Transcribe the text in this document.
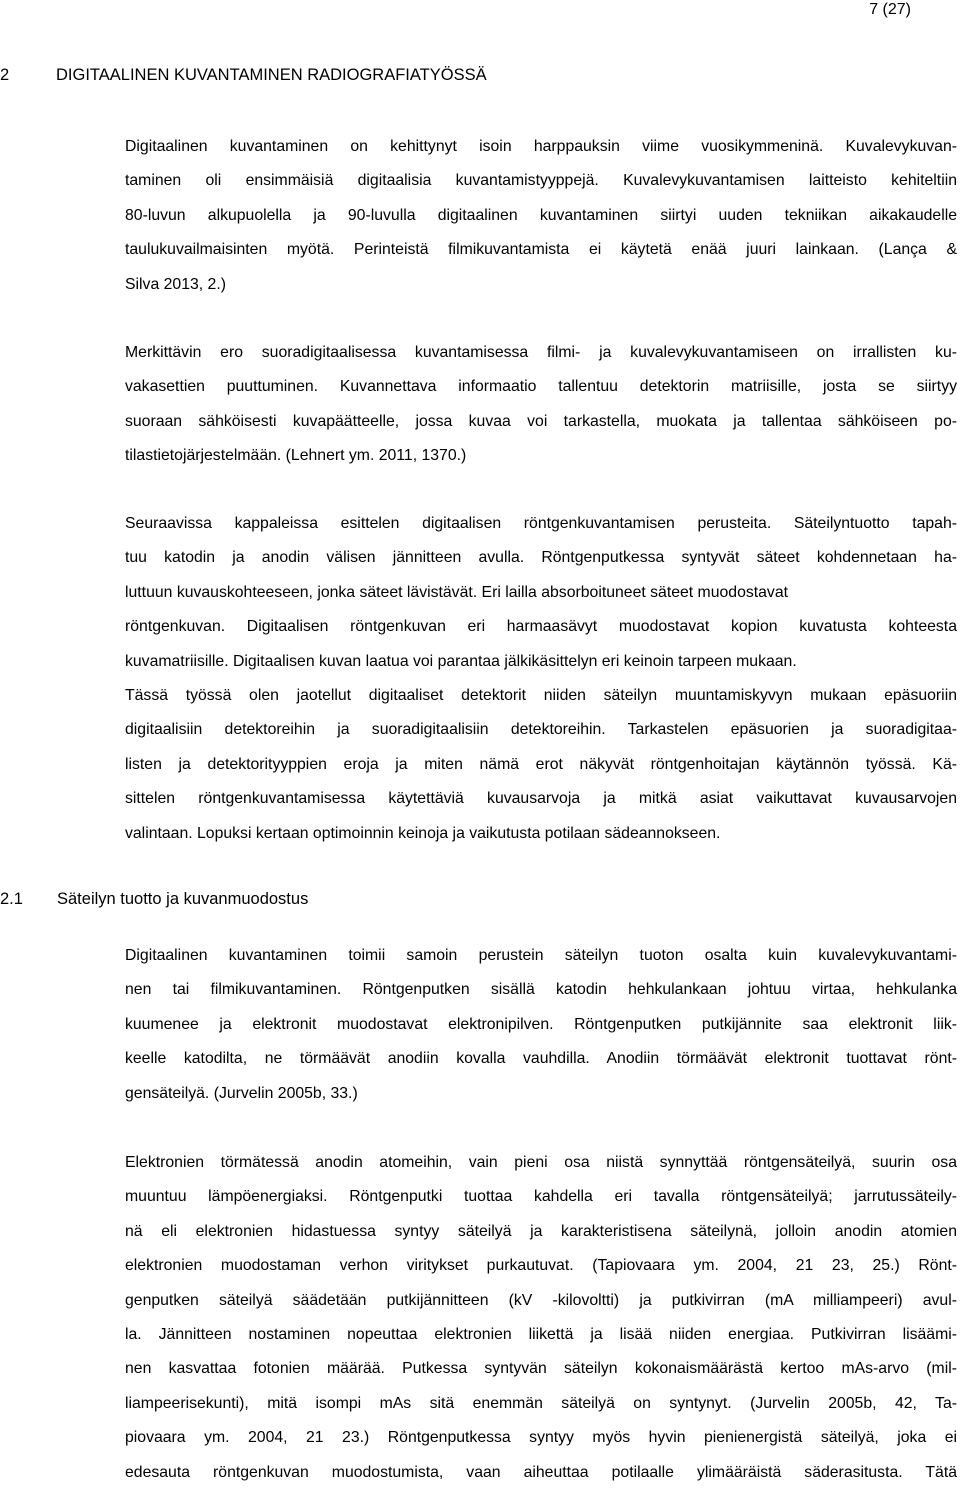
7 (27)
2	DIGITAALINEN KUVANTAMINEN RADIOGRAFIATYÖSSÄ
Digitaalinen kuvantaminen on kehittynyt isoin harppauksin viime vuosikymmeninä. Kuvalevykuvan-
taminen oli ensimmäisiä digitaalisia kuvantamistyyppejä. Kuvalevykuvantamisen laitteisto kehiteltiin
80-luvun alkupuolella ja 90-luvulla digitaalinen kuvantaminen siirtyi uuden tekniikan aikakaudelle
taulukuvailmaisinten myötä. Perinteistä filmikuvantamista ei käytetä enää juuri lainkaan. (Lança &
Silva 2013, 2.)
Merkittävin ero suoradigitaalisessa kuvantamisessa filmi- ja kuvalevykuvantamiseen on irrallisten ku-
vakasettien puuttuminen. Kuvannettava informaatio tallentuu detektorin matriisille, josta se siirtyy
suoraan sähköisesti kuvapäätteelle, jossa kuvaa voi tarkastella, muokata ja tallentaa sähköiseen po-
tilastietojärjestelmään. (Lehnert ym. 2011, 1370.)
Seuraavissa kappaleissa esittelen digitaalisen röntgenkuvantamisen perusteita. Säteilyntuotto tapah-
tuu katodin ja anodin välisen jännitteen avulla. Röntgenputkessa syntyvät säteet kohdennetaan ha-
luttuun kuvauskohteeseen, jonka säteet lävistävät. Eri lailla absorboituneet säteet muodostavat
röntgenkuvan. Digitaalisen röntgenkuvan eri harmaasävyt muodostavat kopion kuvatusta kohteesta
kuvamatriisille. Digitaalisen kuvan laatua voi parantaa jälkikäsittelyn eri keinoin tarpeen mukaan.
Tässä työssä olen jaotellut digitaaliset detektorit niiden säteilyn muuntamiskyvyn mukaan epäsuoriin
digitaalisiin detektoreihin ja suoradigitaalisiin detektoreihin. Tarkastelen epäsuorien ja suoradigitaa-
listen ja detektorityyppien eroja ja miten nämä erot näkyvät röntgenhoitajan käytännön työssä. Kä-
sittelen röntgenkuvantamisessa käytettäviä kuvausarvoja ja mitkä asiat vaikuttavat kuvausarvojen
valintaan. Lopuksi kertaan optimoinnin keinoja ja vaikutusta potilaan sädeannokseen.
2.1 Säteilyn tuotto ja kuvanmuodostus
Digitaalinen kuvantaminen toimii samoin perustein säteilyn tuoton osalta kuin kuvalevykuvantami-
nen tai filmikuvantaminen. Röntgenputken sisällä katodin hehkulankaan johtuu virtaa, hehkulanka
kuumenee ja elektronit muodostavat elektronipilven. Röntgenputken putkijännite saa elektronit liik-
keelle katodilta, ne törmäävät anodiin kovalla vauhdilla. Anodiin törmäävät elektronit tuottavat rönt-
gensäteilyä. (Jurvelin 2005b, 33.)
Elektronien törmätessä anodin atomeihin, vain pieni osa niistä synnyttää röntgensäteilyä, suurin osa
muuntuu lämpöenergiaksi. Röntgenputki tuottaa kahdella eri tavalla röntgensäteilyä; jarrutussäteily-
nä eli elektronien hidastuessa syntyy säteilyä ja karakteristisena säteilynä, jolloin anodin atomien
elektronien muodostaman verhon viritykset purkautuvat. (Tapiovaara ym. 2004, 21 23, 25.) Rönt-
genputken säteilyä säädetään putkijännitteen (kV -kilovoltti) ja putkivirran (mA milliampeeri) avul-
la. Jännitteen nostaminen nopeuttaa elektronien liikettä ja lisää niiden energiaa. Putkivirran lisäämi-
nen kasvattaa fotonien määrää. Putkessa syntyvän säteilyn kokonaismäärästä kertoo mAs-arvo (mil-
liampeerisekunti), mitä isompi mAs sitä enemmän säteilyä on syntynyt. (Jurvelin 2005b, 42, Ta-
piovaara ym. 2004, 21 23.) Röntgenputkessa syntyy myös hyvin pienienergistä säteilyä, joka ei
edesauta röntgenkuvan muodostumista, vaan aiheuttaa potilaalle ylimääräistä säderasitusta. Tätä
